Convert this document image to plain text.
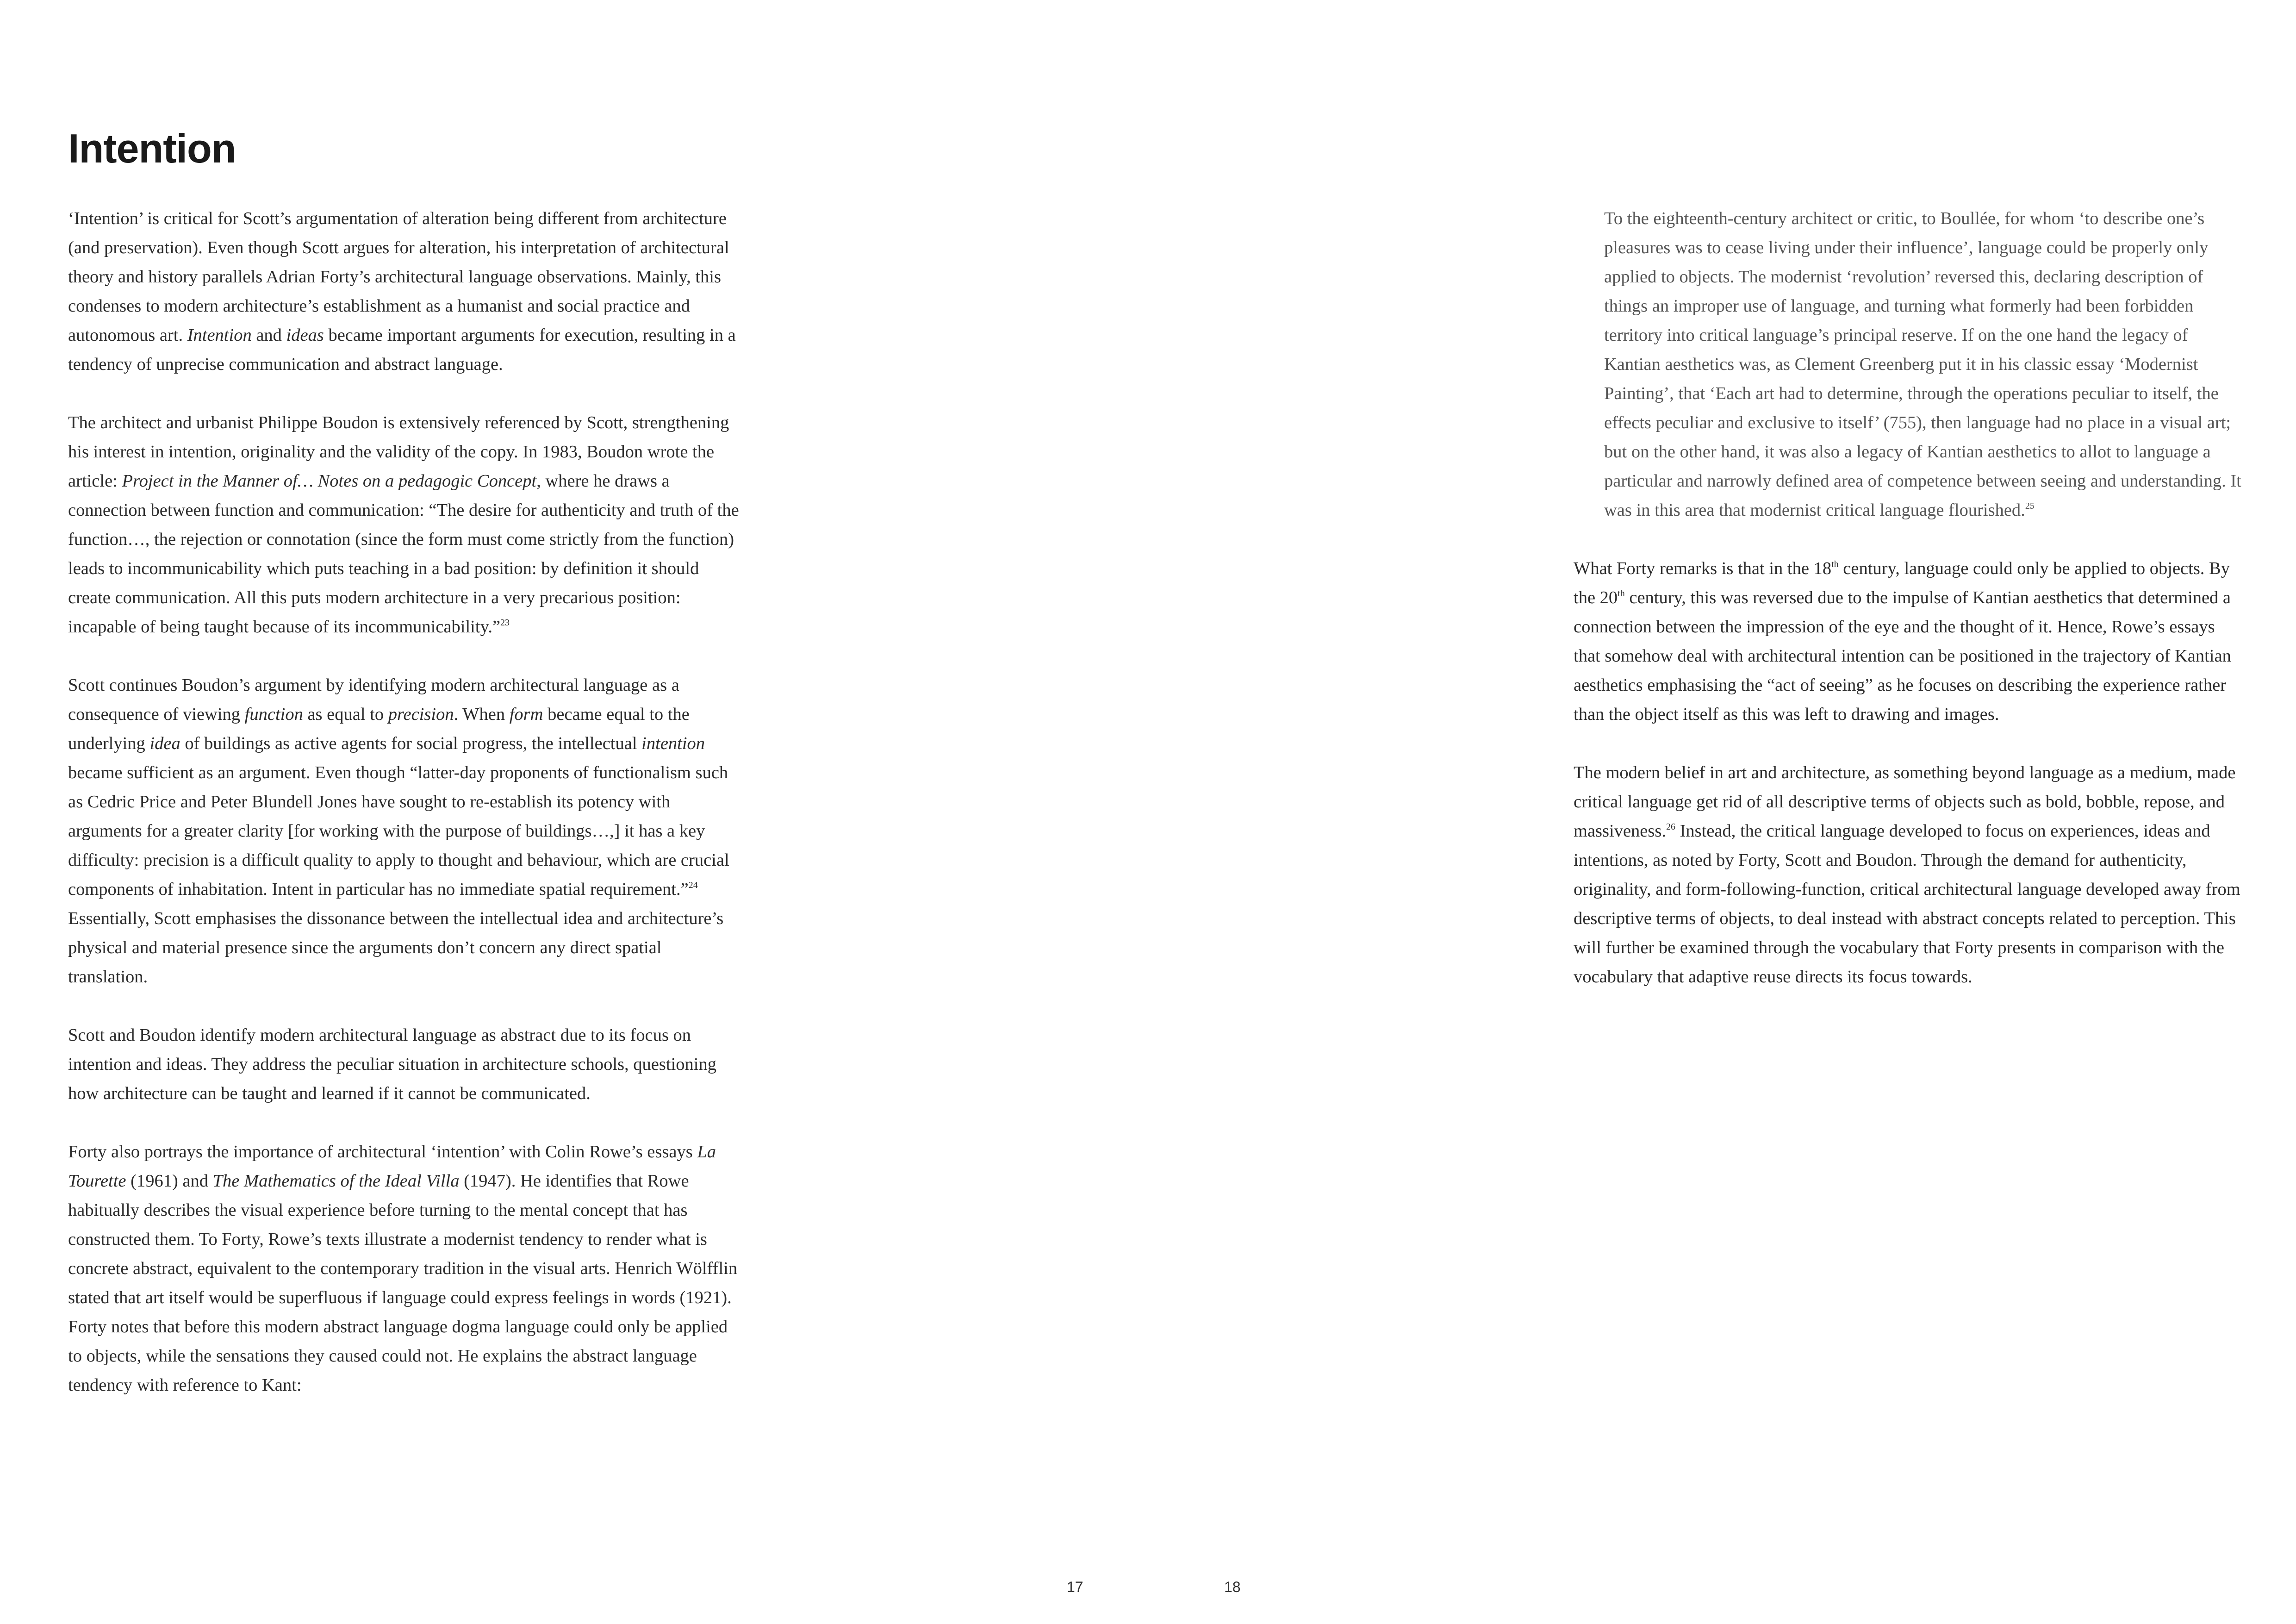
Intention

‘Intention’ is critical for Scott’s argumentation of alteration being different from architecture (and preservation). Even though Scott argues for alteration, his interpretation of architectural theory and history parallels Adrian Forty’s architectural language observations. Mainly, this condenses to modern architecture’s establishment as a humanist and social practice and autonomous art. Intention and ideas became important arguments for execution, resulting in a tendency of unprecise communication and abstract language.

The architect and urbanist Philippe Boudon is extensively referenced by Scott, strengthening his interest in intention, originality and the validity of the copy. In 1983, Boudon wrote the article: Project in the Manner of… Notes on a pedagogic Concept, where he draws a connection between function and communication: “The desire for authenticity and truth of the function…, the rejection or connotation (since the form must come strictly from the function) leads to incommunicability which puts teaching in a bad position: by definition it should create communication. All this puts modern architecture in a very precarious position: incapable of being taught because of its incommunicability.”$^{23}$

Scott continues Boudon’s argument by identifying modern architectural language as a consequence of viewing function as equal to precision. When form became equal to the underlying idea of buildings as active agents for social progress, the intellectual intention became sufficient as an argument. Even though “latter-day proponents of functionalism such as Cedric Price and Peter Blundell Jones have sought to re-establish its potency with arguments for a greater clarity [for working with the purpose of buildings…,] it has a key difficulty: precision is a difficult quality to apply to thought and behaviour, which are crucial components of inhabitation. Intent in particular has no immediate spatial requirement.”$^{24}$ Essentially, Scott emphasises the dissonance between the intellectual idea and architecture’s physical and material presence since the arguments don’t concern any direct spatial translation.

Scott and Boudon identify modern architectural language as abstract due to its focus on intention and ideas. They address the peculiar situation in architecture schools, questioning how architecture can be taught and learned if it cannot be communicated.

Forty also portrays the importance of architectural ‘intention’ with Colin Rowe’s essays La Tourette (1961) and The Mathematics of the Ideal Villa (1947). He identifies that Rowe habitually describes the visual experience before turning to the mental concept that has constructed them. To Forty, Rowe’s texts illustrate a modernist tendency to render what is concrete abstract, equivalent to the contemporary tradition in the visual arts. Henrich Wölfflin stated that art itself would be superfluous if language could express feelings in words (1921). Forty notes that before this modern abstract language dogma language could only be applied to objects, while the sensations they caused could not. He explains the abstract language tendency with reference to Kant:

17

To the eighteenth-century architect or critic, to Boullée, for whom ‘to describe one’s pleasures was to cease living under their influence’, language could be properly only applied to objects. The modernist ‘revolution’ reversed this, declaring description of things an improper use of language, and turning what formerly had been forbidden territory into critical language’s principal reserve. If on the one hand the legacy of Kantian aesthetics was, as Clement Greenberg put it in his classic essay ‘Modernist Painting’, that ‘Each art had to determine, through the operations peculiar to itself, the effects peculiar and exclusive to itself’ (755), then language had no place in a visual art; but on the other hand, it was also a legacy of Kantian aesthetics to allot to language a particular and narrowly defined area of competence between seeing and understanding. It was in this area that modernist critical language flourished.$^{25}$

What Forty remarks is that in the 18th century, language could only be applied to objects. By the 20th century, this was reversed due to the impulse of Kantian aesthetics that determined a connection between the impression of the eye and the thought of it. Hence, Rowe’s essays that somehow deal with architectural intention can be positioned in the trajectory of Kantian aesthetics emphasising the “act of seeing” as he focuses on describing the experience rather than the object itself as this was left to drawing and images.

The modern belief in art and architecture, as something beyond language as a medium, made critical language get rid of all descriptive terms of objects such as bold, bobble, repose, and massiveness.$^{26}$ Instead, the critical language developed to focus on experiences, ideas and intentions, as noted by Forty, Scott and Boudon. Through the demand for authenticity, originality, and form-following-function, critical architectural language developed away from descriptive terms of objects, to deal instead with abstract concepts related to perception. This will further be examined through the vocabulary that Forty presents in comparison with the vocabulary that adaptive reuse directs its focus towards.

18
